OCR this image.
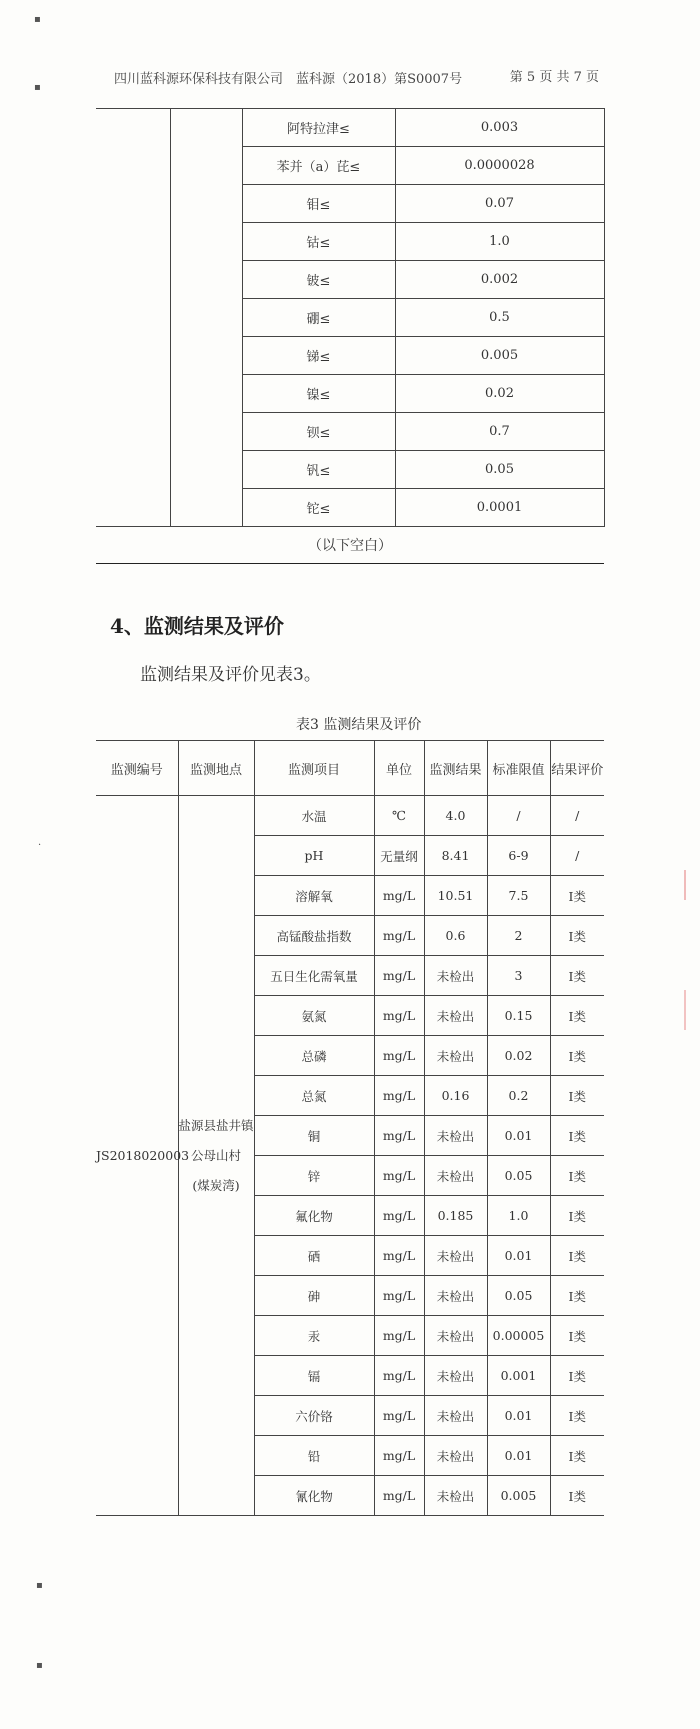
▪
▪
·
▪
▪
四川蓝科源环保科技有限公司 蓝科源（2018）第S0007号	第 5 页 共 7 页
		阿特拉津≤	0.003
		苯并（a）芘≤	0.0000028
		钼≤	0.07
		钴≤	1.0
		铍≤	0.002
		硼≤	0.5
		锑≤	0.005
		镍≤	0.02
		钡≤	0.7
		钒≤	0.05
		铊≤	0.0001
（以下空白）			
4、监测结果及评价
监测结果及评价见表3。
表3 监测结果及评价
监测编号	监测地点	监测项目	单位	监测结果	标准限值	结果评价
JS2018020003	盐源县盐井镇
公母山村
(煤炭湾)	水温	℃	4.0	/	/
		pH	无量纲	8.41	6-9	/
		溶解氧	mg/L	10.51	7.5	I类
		高锰酸盐指数	mg/L	0.6	2	I类
		五日生化需氧量	mg/L	未检出	3	I类
		氨氮	mg/L	未检出	0.15	I类
		总磷	mg/L	未检出	0.02	I类
		总氮	mg/L	0.16	0.2	I类
		铜	mg/L	未检出	0.01	I类
		锌	mg/L	未检出	0.05	I类
		氟化物	mg/L	0.185	1.0	I类
		硒	mg/L	未检出	0.01	I类
		砷	mg/L	未检出	0.05	I类
		汞	mg/L	未检出	0.00005	I类
		镉	mg/L	未检出	0.001	I类
		六价铬	mg/L	未检出	0.01	I类
		铅	mg/L	未检出	0.01	I类
		氰化物	mg/L	未检出	0.005	I类
